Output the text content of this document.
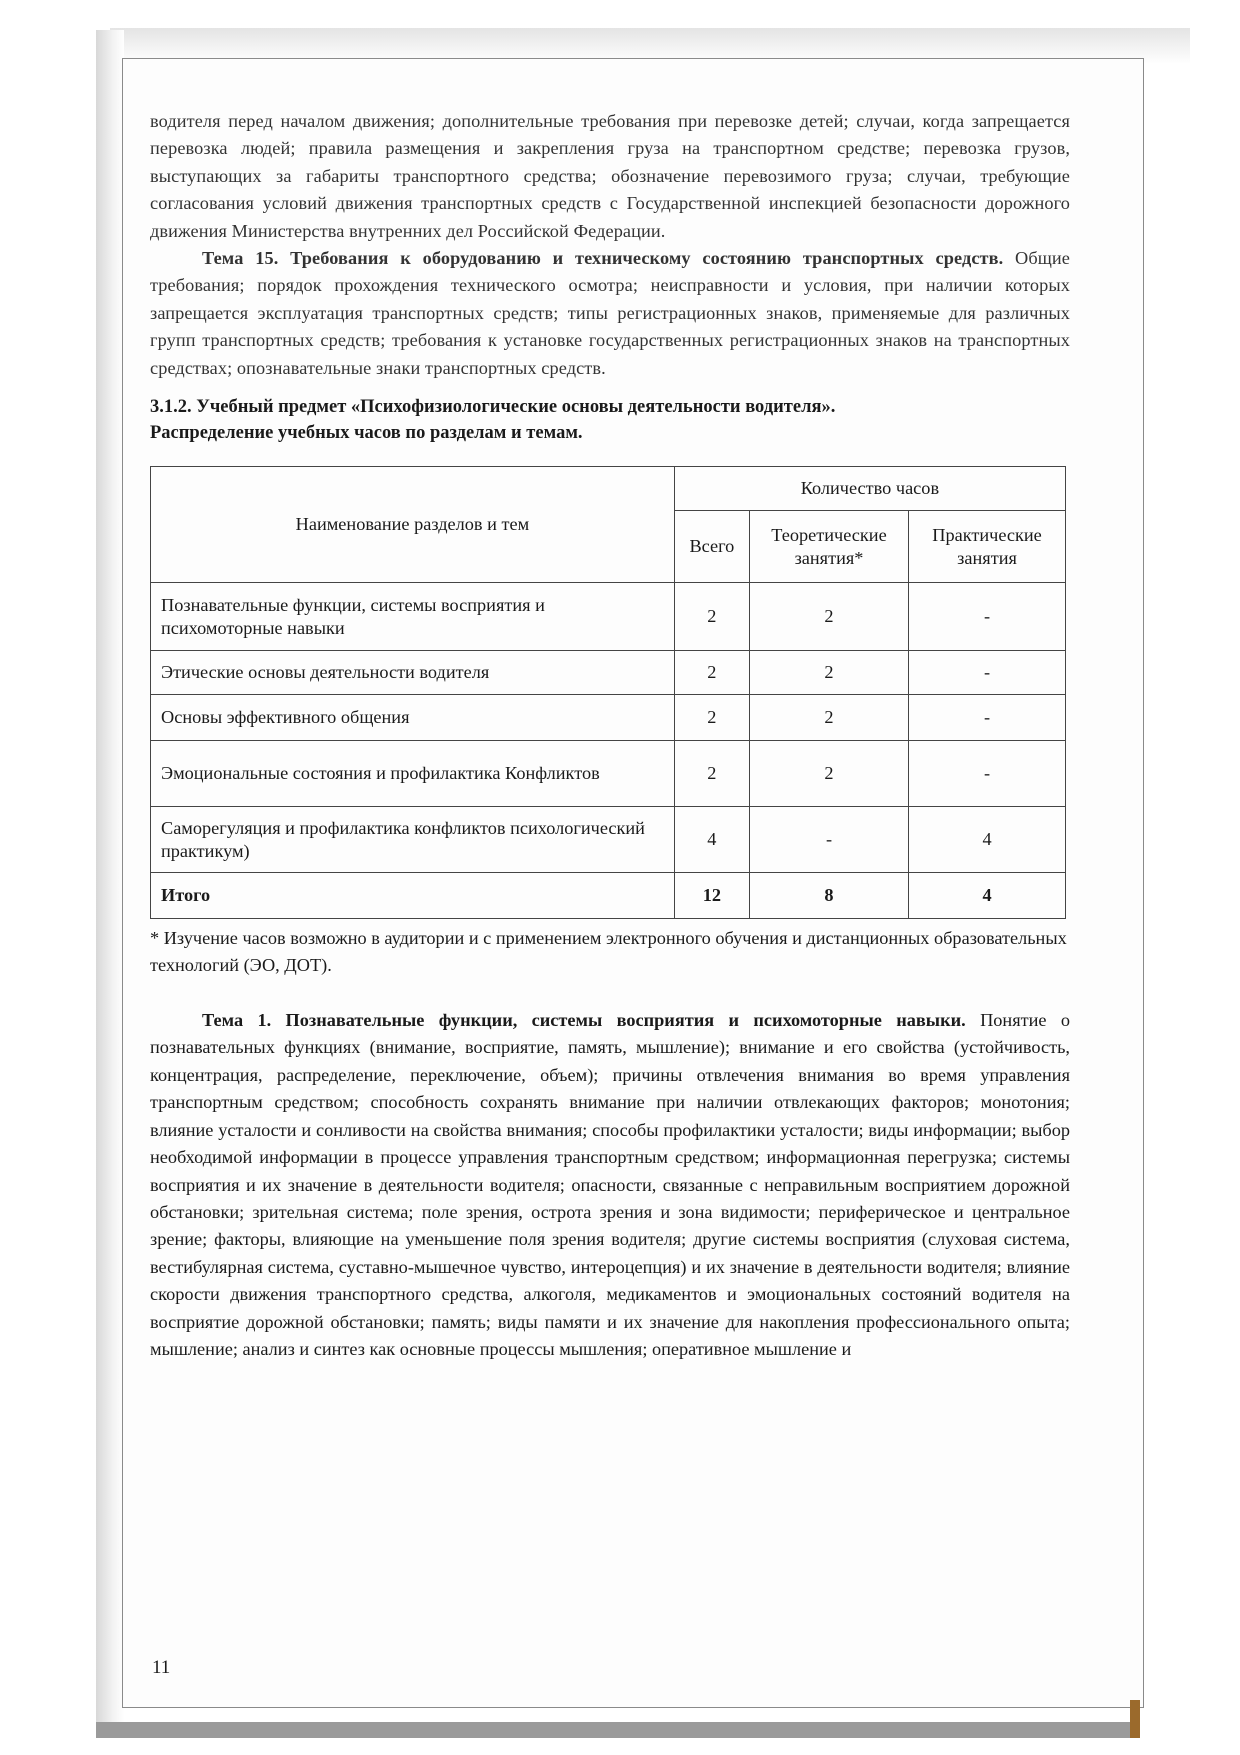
водителя перед началом движения; дополнительные требования при перевозке детей; случаи, когда запрещается перевозка людей; правила размещения и закрепления груза на транспортном средстве; перевозка грузов, выступающих за габариты транспортного средства; обозначение перевозимого груза; случаи, требующие согласования условий движения транспортных средств с Государственной инспекцией безопасности дорожного движения Министерства внутренних дел Российской Федерации.

Тема 15. Требования к оборудованию и техническому состоянию транспортных средств. Общие требования; порядок прохождения технического осмотра; неисправности и условия, при наличии которых запрещается эксплуатация транспортных средств; типы регистрационных знаков, применяемые для различных групп транспортных средств; требования к установке государственных регистрационных знаков на транспортных средствах; опознавательные знаки транспортных средств.

3.1.2. Учебный предмет «Психофизиологические основы деятельности водителя».
Распределение учебных часов по разделам и темам.
Наименование разделов и тем	Количество часов		
	Всего	Теоретические занятия*	Практические занятия
Познавательные функции, системы восприятия и психомоторные навыки	2	2	-
Этические основы деятельности водителя	2	2	-
Основы эффективного общения	2	2	-
Эмоциональные состояния и профилактика Конфликтов	2	2	-
Саморегуляция и профилактика конфликтов психологический практикум)	4	-	4
Итого	12	8	4

* Изучение часов возможно в аудитории и с применением электронного обучения и дистанционных образовательных технологий (ЭО, ДОТ).

Тема 1. Познавательные функции, системы восприятия и психомоторные навыки. Понятие о познавательных функциях (внимание, восприятие, память, мышление); внимание и его свойства (устойчивость, концентрация, распределение, переключение, объем); причины отвлечения внимания во время управления транспортным средством; способность сохранять внимание при наличии отвлекающих факторов; монотония; влияние усталости и сонливости на свойства внимания; способы профилактики усталости; виды информации; выбор необходимой информации в процессе управления транспортным средством; информационная перегрузка; системы восприятия и их значение в деятельности водителя; опасности, связанные с неправильным восприятием дорожной обстановки; зрительная система; поле зрения, острота зрения и зона видимости; периферическое и центральное зрение; факторы, влияющие на уменьшение поля зрения водителя; другие системы восприятия (слуховая система, вестибулярная система, суставно-мышечное чувство, интероцепция) и их значение в деятельности водителя; влияние скорости движения транспортного средства, алкоголя, медикаментов и эмоциональных состояний водителя на восприятие дорожной обстановки; память; виды памяти и их значение для накопления профессионального опыта; мышление; анализ и синтез как основные процессы мышления; оперативное мышление и

11
